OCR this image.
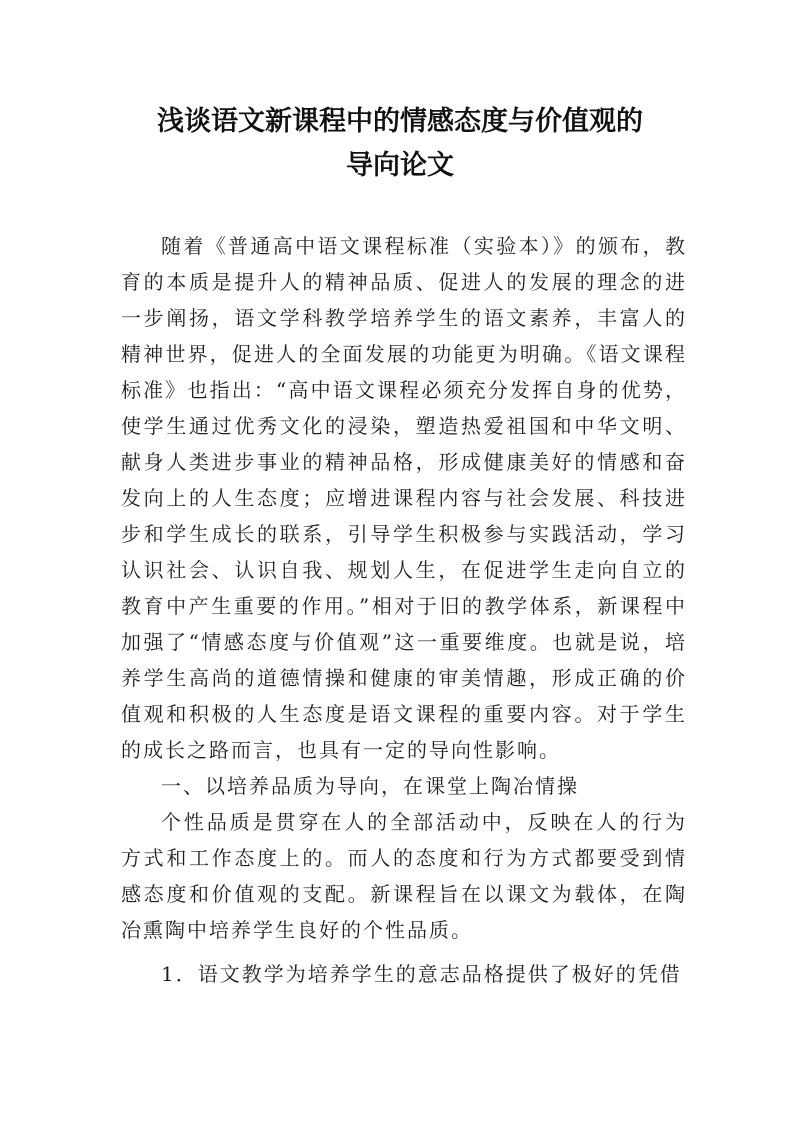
浅谈语文新课程中的情感态度与价值观的
导向论文

随着《普通高中语文课程标准（实验本）》的颁布，教育的本质是提升人的精神品质、促进人的发展的理念的进一步阐扬，语文学科教学培养学生的语文素养，丰富人的精神世界，促进人的全面发展的功能更为明确。《语文课程标准》也指出：“高中语文课程必须充分发挥自身的优势，使学生通过优秀文化的浸染，塑造热爱祖国和中华文明、献身人类进步事业的精神品格，形成健康美好的情感和奋发向上的人生态度；应增进课程内容与社会发展、科技进步和学生成长的联系，引导学生积极参与实践活动，学习认识社会、认识自我、规划人生，在促进学生走向自立的教育中产生重要的作用。”相对于旧的教学体系，新课程中加强了“情感态度与价值观”这一重要维度。也就是说，培养学生高尚的道德情操和健康的审美情趣，形成正确的价值观和积极的人生态度是语文课程的重要内容。对于学生的成长之路而言，也具有一定的导向性影响。

一、以培养品质为导向，在课堂上陶冶情操

个性品质是贯穿在人的全部活动中，反映在人的行为方式和工作态度上的。而人的态度和行为方式都要受到情感态度和价值观的支配。新课程旨在以课文为载体，在陶冶熏陶中培养学生良好的个性品质。

1．语文教学为培养学生的意志品格提供了极好的凭借
